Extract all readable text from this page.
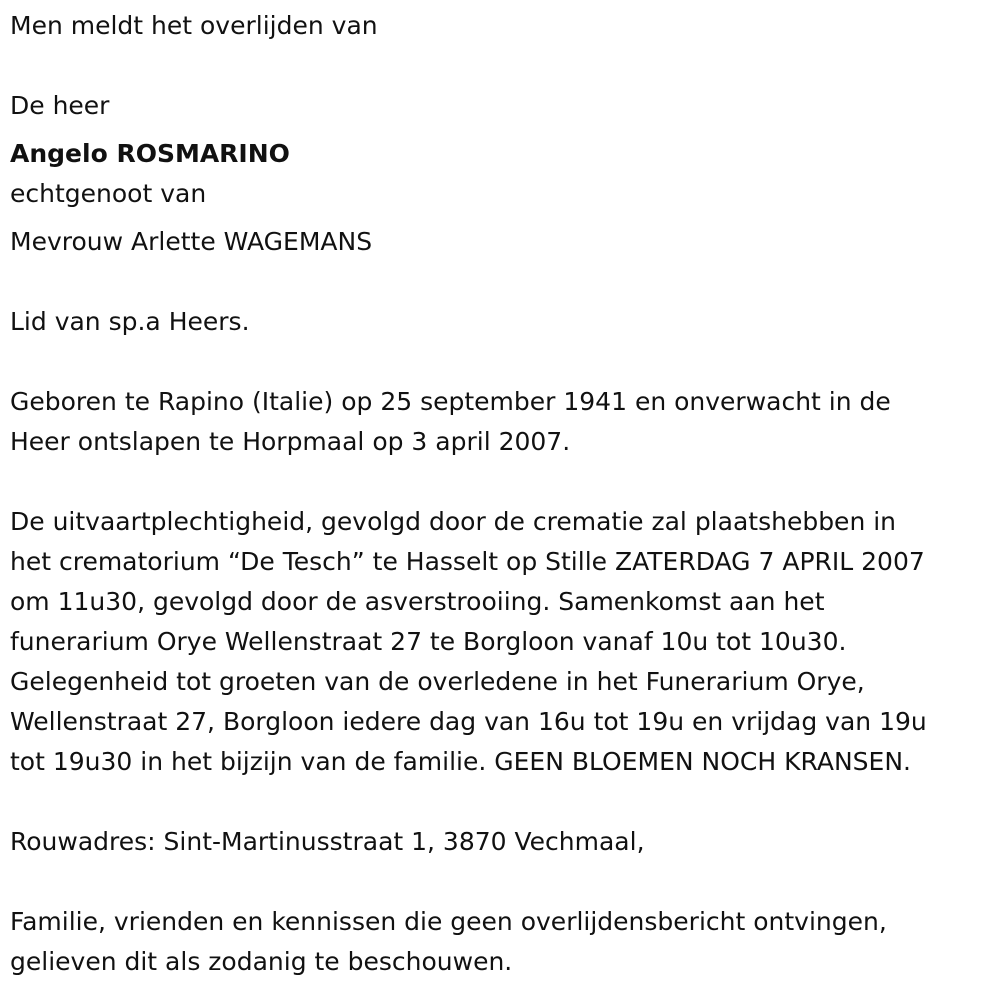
Men meldt het overlijden van
De heer
Angelo ROSMARINO
echtgenoot van
Mevrouw Arlette WAGEMANS
Lid van sp.a Heers.
Geboren te Rapino (Italie) op 25 september 1941 en onverwacht in de
Heer ontslapen te Horpmaal op 3 april 2007.
De uitvaartplechtigheid, gevolgd door de crematie zal plaatshebben in
het crematorium “De Tesch” te Hasselt op Stille ZATERDAG 7 APRIL 2007
om 11u30, gevolgd door de asverstrooiing. Samenkomst aan het
funerarium Orye Wellenstraat 27 te Borgloon vanaf 10u tot 10u30.
Gelegenheid tot groeten van de overledene in het Funerarium Orye,
Wellenstraat 27, Borgloon iedere dag van 16u tot 19u en vrijdag van 19u
tot 19u30 in het bijzijn van de familie. GEEN BLOEMEN NOCH KRANSEN.
Rouwadres: Sint-Martinusstraat 1, 3870 Vechmaal,
Familie, vrienden en kennissen die geen overlijdensbericht ontvingen,
gelieven dit als zodanig te beschouwen.
